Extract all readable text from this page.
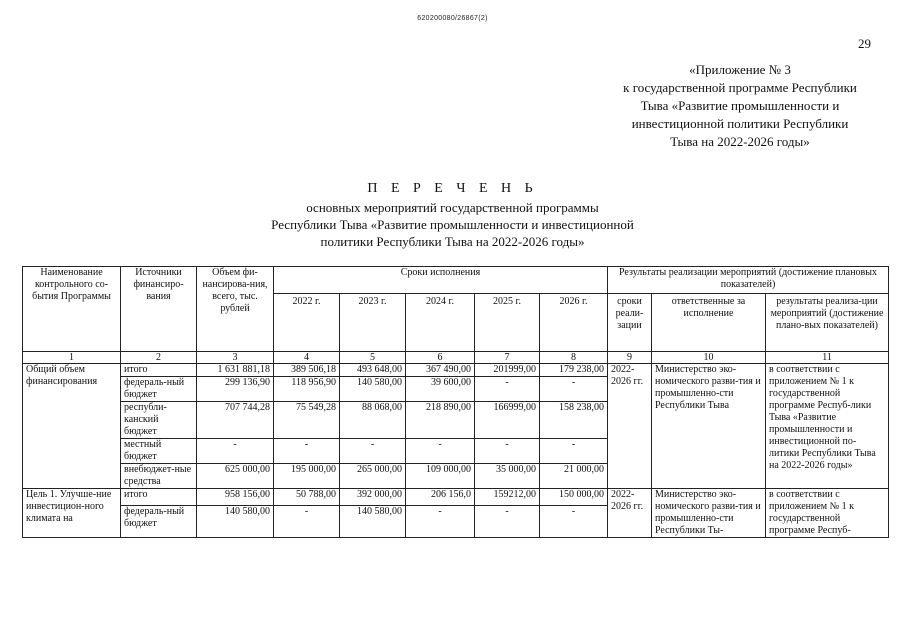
620200080/26867(2)
29
«Приложение № 3
к государственной программе Республики
Тыва «Развитие промышленности и
инвестиционной политики Республики
Тыва на 2022-2026 годы»
П Е Р Е Ч Е Н Ь
основных мероприятий государственной программы
Республики Тыва «Развитие промышленности и инвестиционной
политики Республики Тыва на 2022-2026 годы»
Наименование контрольного со-бытия Программы	Источники финансиро-вания	Объем фи-нансирова-ния, всего, тыс. рублей	Сроки исполнения					Результаты реализации мероприятий (достижение плановых показателей)		
			2022 г.	2023 г.	2024 г.	2025 г.	2026 г.	сроки реали-зации	ответственные за исполнение	результаты реализа-ции мероприятий (достижение плано-вых показателей)
1	2	3	4	5	6	7	8	9	10	11
Общий объем финансирования	итого	1 631 881,18	389 506,18	493 648,00	367 490,00	201999,00	179 238,00	2022-2026 гг.	Министерство эко-номического разви-тия и промышленно-сти Республики Тыва	в соответствии с приложением № 1 к государственной программе Респуб-лики Тыва «Развитие промышленности и инвестиционной по-литики Республики Тыва на 2022-2026 годы»
	федераль-ный бюджет	299 136,90	118 956,90	140 580,00	39 600,00	-	-			
	республи-канский бюджет	707 744,28	75 549,28	88 068,00	218 890,00	166999,00	158 238,00			
	местный бюджет	-	-	-	-	-	-			
	внебюджет-ные средства	625 000,00	195 000,00	265 000,00	109 000,00	35 000,00	21 000,00			
Цель 1. Улучше-ние инвестицион-ного климата на	итого	958 156,00	50 788,00	392 000,00	206 156,0	159212,00	150 000,00	2022-2026 гг.	Министерство эко-номического разви-тия и промышленно-сти Республики Ты-	в соответствии с приложением № 1 к государственной программе Респуб-
	федераль-ный бюджет	140 580,00	-	140 580,00	-	-	-			
